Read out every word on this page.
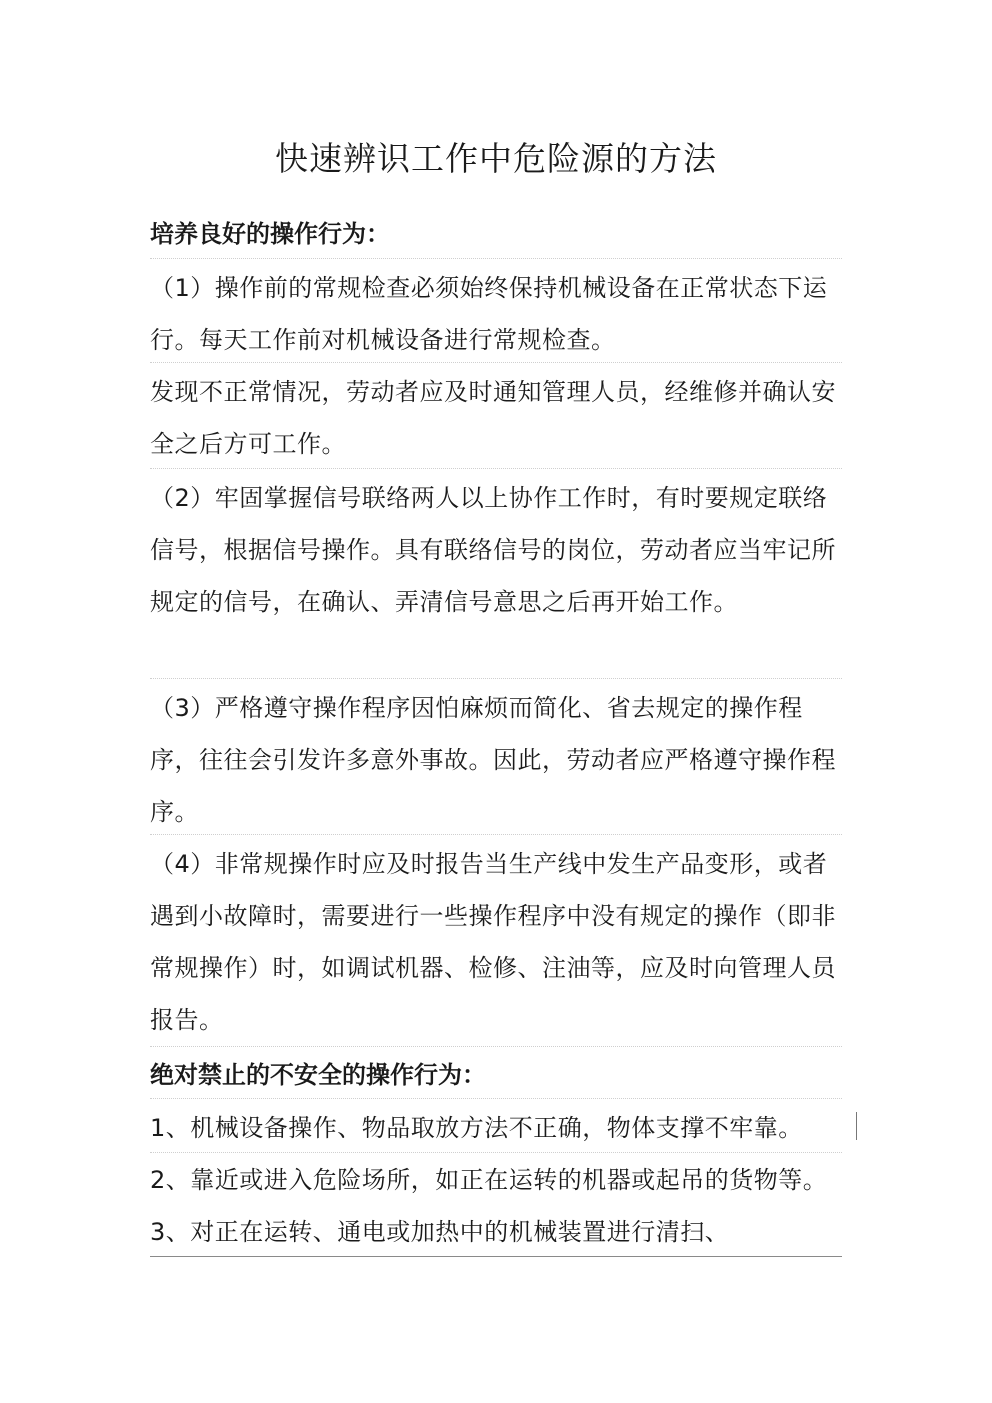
快速辨识工作中危险源的方法
培养良好的操作行为：

（1）操作前的常规检查必须始终保持机械设备在正常状态下运行。每天工作前对机械设备进行常规检查。

发现不正常情况，劳动者应及时通知管理人员，经维修并确认安全之后方可工作。

（2）牢固掌握信号联络两人以上协作工作时，有时要规定联络信号，根据信号操作。具有联络信号的岗位，劳动者应当牢记所规定的信号，在确认、弄清信号意思之后再开始工作。

（3）严格遵守操作程序因怕麻烦而简化、省去规定的操作程序，往往会引发许多意外事故。因此，劳动者应严格遵守操作程序。

（4）非常规操作时应及时报告当生产线中发生产品变形，或者遇到小故障时，需要进行一些操作程序中没有规定的操作（即非常规操作）时，如调试机器、检修、注油等，应及时向管理人员报告。

绝对禁止的不安全的操作行为：

1、机械设备操作、物品取放方法不正确，物体支撑不牢靠。

2、靠近或进入危险场所，如正在运转的机器或起吊的货物等。3、对正在运转、通电或加热中的机械装置进行清扫、
